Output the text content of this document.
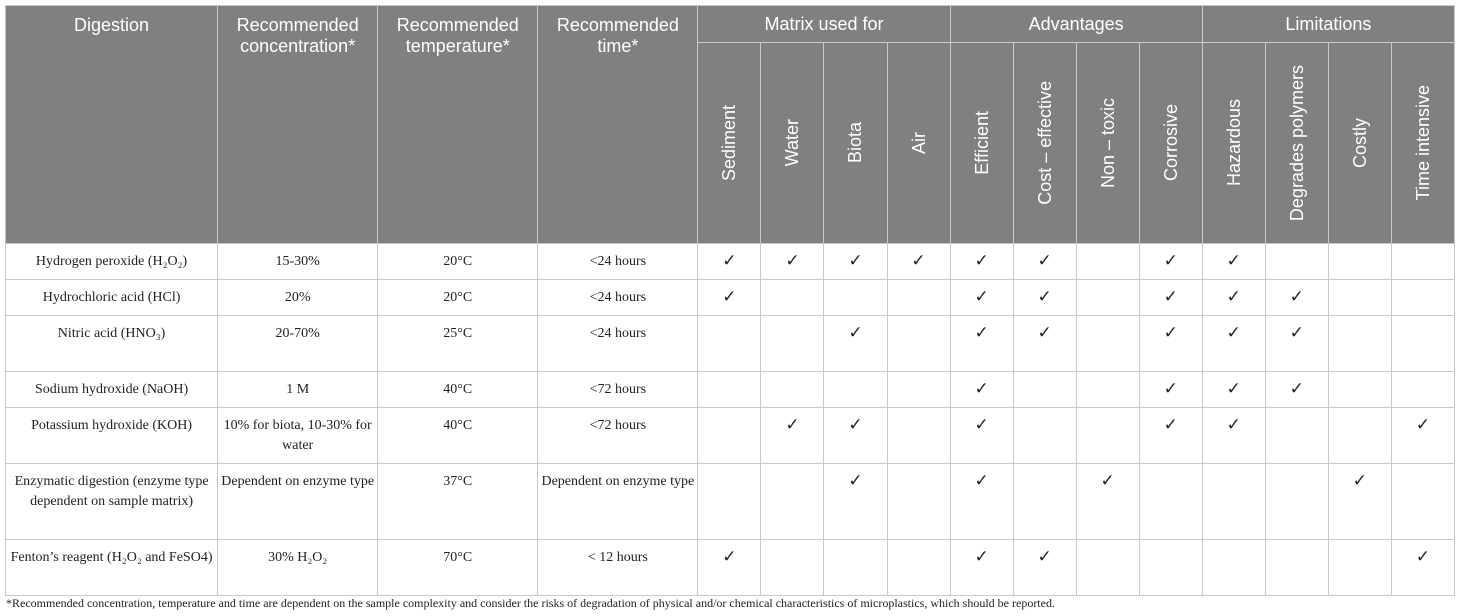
Digestion	Recommended concentration*	Recommended temperature*	Recommended time*	Matrix used for				Advantages				Limitations			

				Sediment	Water	Biota	Air	Efficient	Cost – effective	Non – toxic	Corrosive	Hazardous	Degrades polymers	Costly	Time intensive

Hydrogen peroxide (H₂O₂)	15-30%	20°C	<24 hours	✓	✓	✓	✓	✓	✓		✓	✓			
Hydrochloric acid (HCl)	20%	20°C	<24 hours	✓				✓	✓		✓	✓	✓		
Nitric acid (HNO₃)	20-70%	25°C	<24 hours			✓		✓	✓		✓	✓	✓		
Sodium hydroxide (NaOH)	1 M	40°C	<72 hours					✓			✓	✓	✓		
Potassium hydroxide (KOH)	10% for biota, 10-30% for water	40°C	<72 hours		✓	✓		✓			✓	✓			✓
Enzymatic digestion (enzyme type dependent on sample matrix)	Dependent on enzyme type	37°C	Dependent on enzyme type			✓		✓		✓				✓	
Fenton’s reagent (H₂O₂ and FeSO4)	30% H₂O₂	70°C	< 12 hours	✓				✓	✓						✓
*Recommended concentration, temperature and time are dependent on the sample complexity and consider the risks of degradation of physical and/or chemical characteristics of microplastics, which should be reported.
